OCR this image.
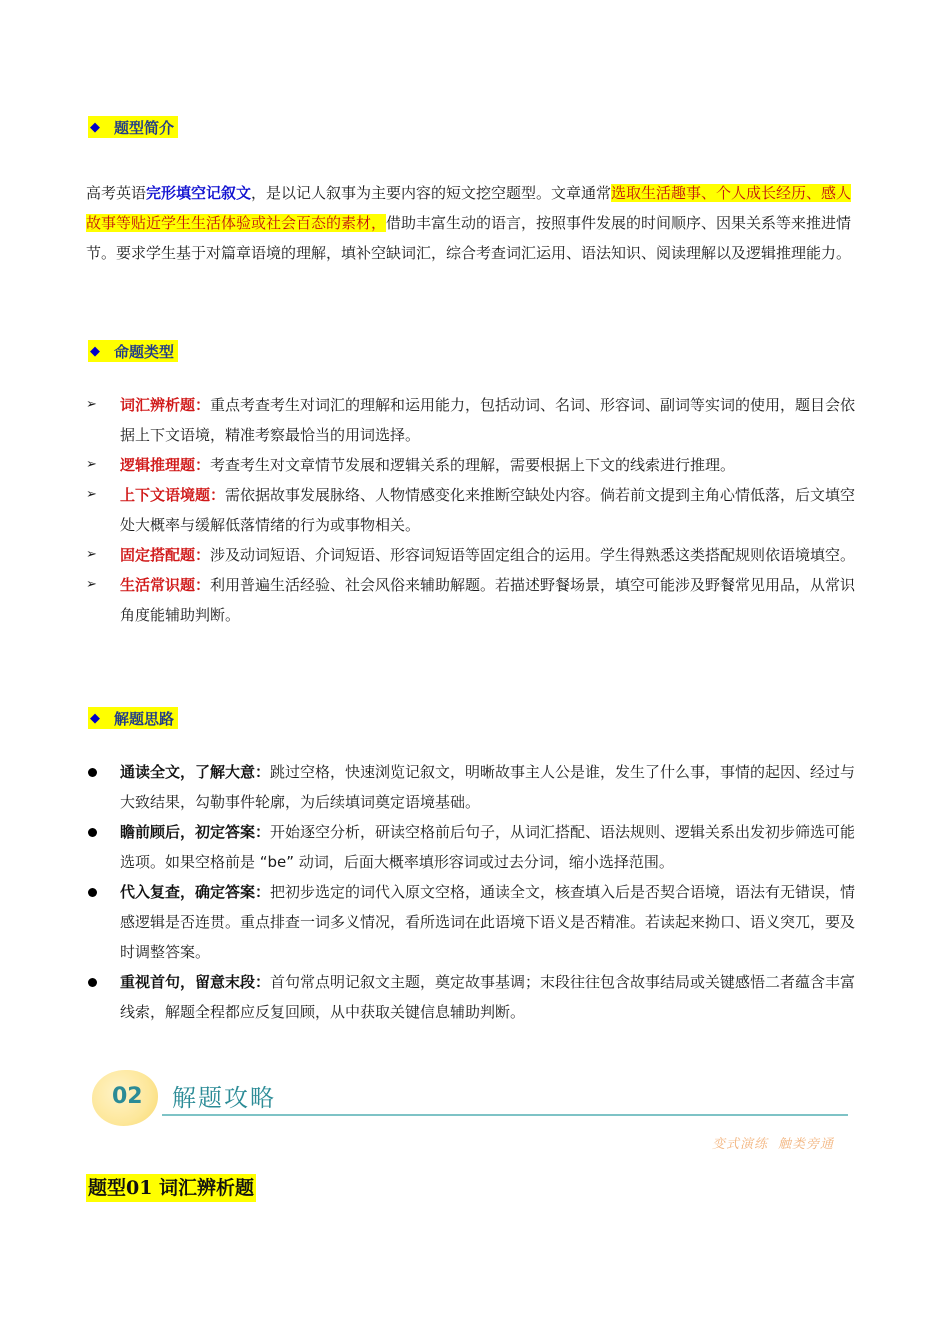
◆ 题型简介

高考英语完形填空记叙文，是以记人叙事为主要内容的短文挖空题型。文章通常选取生活趣事、个人成长经历、感人故事等贴近学生生活体验或社会百态的素材，借助丰富生动的语言，按照事件发展的时间顺序、因果关系等来推进情节。要求学生基于对篇章语境的理解，填补空缺词汇，综合考查词汇运用、语法知识、阅读理解以及逻辑推理能力。

◆ 命题类型
➢ 词汇辨析题：重点考查考生对词汇的理解和运用能力，包括动词、名词、形容词、副词等实词的使用，题目会依据上下文语境，精准考察最恰当的用词选择。
➢ 逻辑推理题：考查考生对文章情节发展和逻辑关系的理解，需要根据上下文的线索进行推理。
➢ 上下文语境题：需依据故事发展脉络、人物情感变化来推断空缺处内容。倘若前文提到主角心情低落，后文填空处大概率与缓解低落情绪的行为或事物相关。
➢ 固定搭配题：涉及动词短语、介词短语、形容词短语等固定组合的运用。学生得熟悉这类搭配规则依语境填空。
➢ 生活常识题：利用普遍生活经验、社会风俗来辅助解题。若描述野餐场景，填空可能涉及野餐常见用品，从常识角度能辅助判断。
◆ 解题思路
通读全文，了解大意：跳过空格，快速浏览记叙文，明晰故事主人公是谁，发生了什么事，事情的起因、经过与大致结果，勾勒事件轮廓，为后续填词奠定语境基础。
瞻前顾后，初定答案：开始逐空分析，研读空格前后句子，从词汇搭配、语法规则、逻辑关系出发初步筛选可能选项。如果空格前是 “be” 动词，后面大概率填形容词或过去分词，缩小选择范围。
代入复查，确定答案：把初步选定的词代入原文空格，通读全文，核查填入后是否契合语境，语法有无错误，情感逻辑是否连贯。重点排查一词多义情况，看所选词在此语境下语义是否精准。若读起来拗口、语义突兀，要及时调整答案。
重视首句，留意末段：首句常点明记叙文主题，奠定故事基调；末段往往包含故事结局或关键感悟二者蕴含丰富线索，解题全程都应反复回顾，从中获取关键信息辅助判断。
02 解题攻略
变式演练 触类旁通
题型01 词汇辨析题
